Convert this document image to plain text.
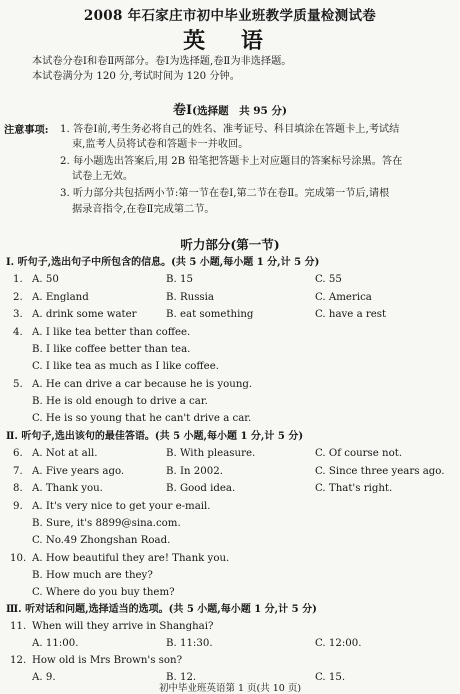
2008 年石家庄市初中毕业班教学质量检测试卷
英 语
本试卷分卷Ⅰ和卷Ⅱ两部分。卷Ⅰ为选择题,卷Ⅱ为非选择题。
本试卷满分为 120 分,考试时间为 120 分钟。
卷Ⅰ(选择题　共 95 分)
注意事项: 1. 答卷Ⅰ前,考生务必将自己的姓名、准考证号、科目填涂在答题卡上,考试结
束,监考人员将试卷和答题卡一并收回。
2. 每小题选出答案后,用 2B 铅笔把答题卡上对应题目的答案标号涂黑。答在
试卷上无效。
3. 听力部分共包括两小节:第一节在卷Ⅰ,第二节在卷Ⅱ。完成第一节后,请根
据录音指令,在卷Ⅱ完成第二节。
听力部分(第一节)
Ⅰ. 听句子,选出句子中所包含的信息。(共 5 小题,每小题 1 分,计 5 分)
1. A. 50	B. 15	C. 55
2. A. England	B. Russia	C. America
3. A. drink some water	B. eat something	C. have a rest
4. A. I like tea better than coffee.
B. I like coffee better than tea.
C. I like tea as much as I like coffee.
5. A. He can drive a car because he is young.
B. He is old enough to drive a car.
C. He is so young that he can't drive a car.
Ⅱ. 听句子,选出该句的最佳答语。(共 5 小题,每小题 1 分,计 5 分)
6. A. Not at all.	B. With pleasure.	C. Of course not.
7. A. Five years ago.	B. In 2002.	C. Since three years ago.
8. A. Thank you.	B. Good idea.	C. That's right.
9. A. It's very nice to get your e-mail.
B. Sure, it's 8899@sina.com.
C. No.49 Zhongshan Road.
10. A. How beautiful they are! Thank you.
B. How much are they?
C. Where do you buy them?
Ⅲ. 听对话和问题,选择适当的选项。(共 5 小题,每小题 1 分,计 5 分)
11. When will they arrive in Shanghai?
A. 11:00.	B. 11:30.	C. 12:00.
12. How old is Mrs Brown's son?
A. 9.	B. 12.	C. 15.
初中毕业班英语第 1 页(共 10 页)
